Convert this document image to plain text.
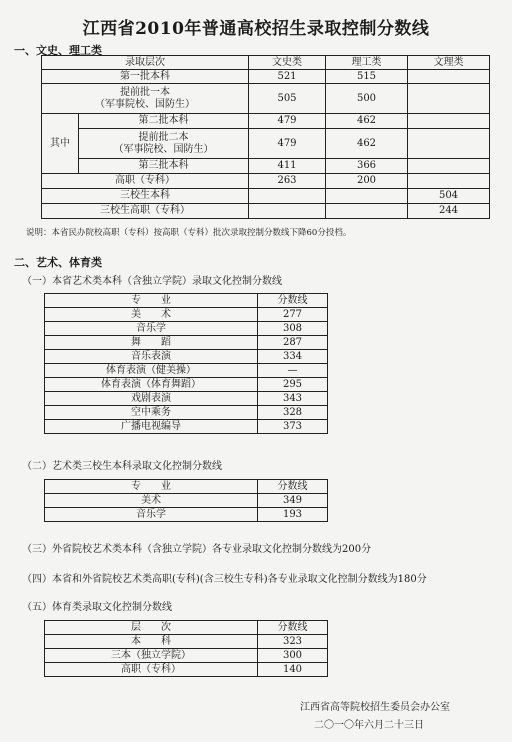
江西省2010年普通高校招生录取控制分数线
一、文史、理工类
录取层次		文史类	理工类	文理类
第一批本科		521	515	

提前批一本
（军事院校、国防生）		505	500	
其中	第二批本科	479	462	

	提前批二本
（军事院校、国防生）	479	462	
	第三批本科	411	366	
高职（专科）		263	200	
三校生本科				504
三校生高职（专科）				244
说明：本省民办院校高职（专科）按高职（专科）批次录取控制分数线下降60分投档。
二、艺术、体育类
（一）本省艺术类本科（含独立学院）录取文化控制分数线
专　　业	分数线
美　　术	277
音乐学	308
舞　　蹈	287
音乐表演	334
体育表演（健美操）	—
体育表演（体育舞蹈）	295
戏剧表演	343
空中乘务	328
广播电视编导	373
（二）艺术类三校生本科录取文化控制分数线
专　　业	分数线
美术	349
音乐学	193
（三）外省院校艺术类本科（含独立学院）各专业录取文化控制分数线为200分
（四）本省和外省院校艺术类高职(专科)(含三校生专科)各专业录取文化控制分数线为180分
（五）体育类录取文化控制分数线
层　　次	分数线
本　　科	323
三本（独立学院）	300
高职（专科）	140
江西省高等院校招生委员会办公室
二〇一〇年六月二十三日
